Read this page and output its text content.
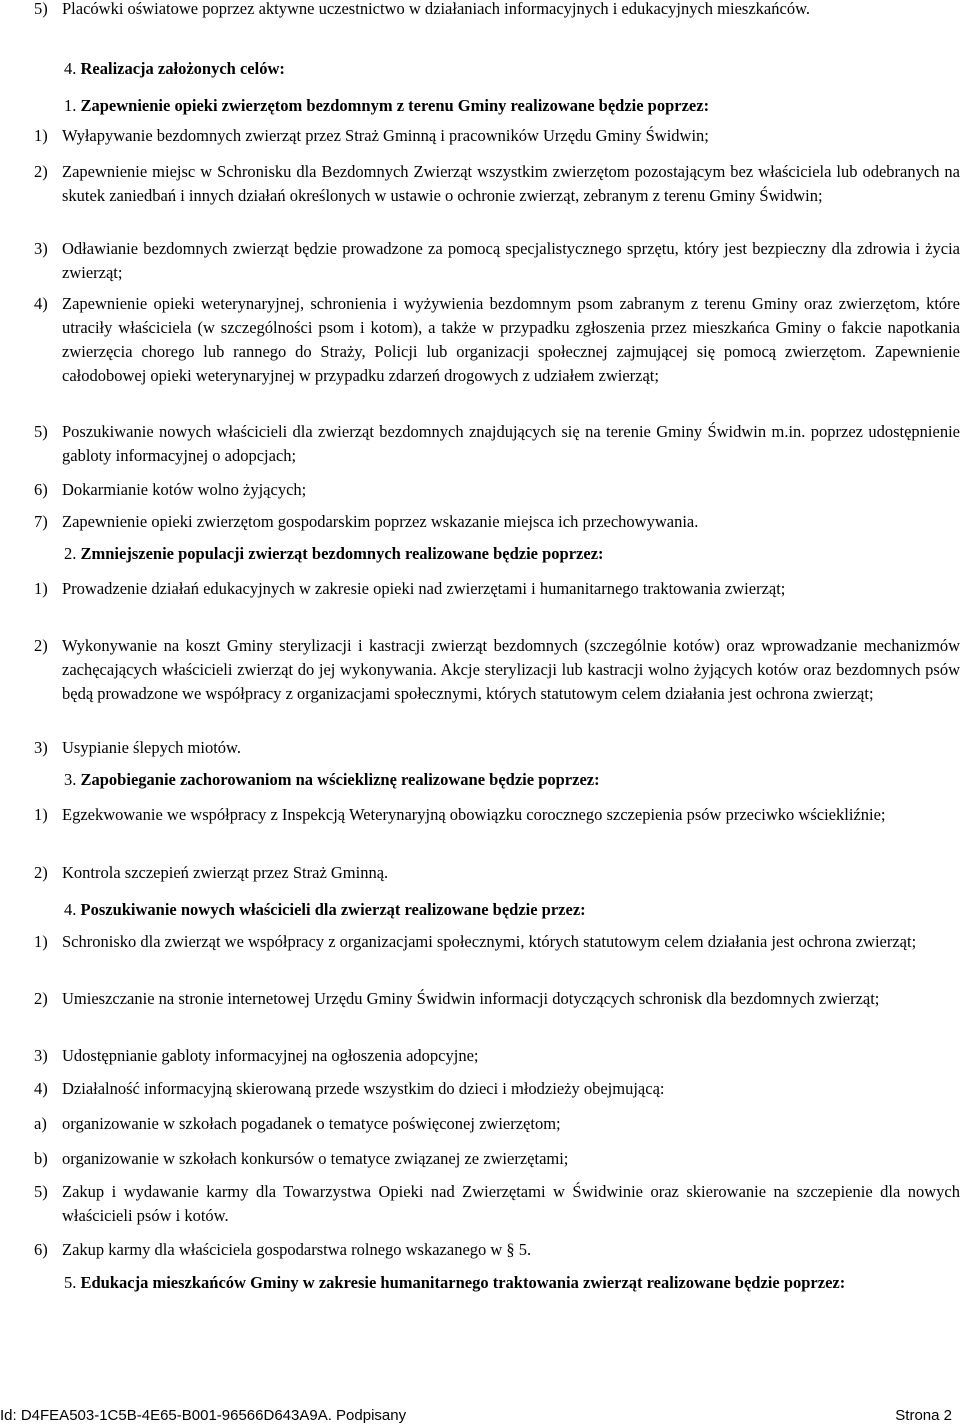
5) Placówki oświatowe poprzez aktywne uczestnictwo w działaniach informacyjnych i edukacyjnych mieszkańców.
4. Realizacja założonych celów:
1. Zapewnienie opieki zwierzętom bezdomnym z terenu Gminy realizowane będzie poprzez:
1) Wyłapywanie bezdomnych zwierząt przez Straż Gminną i pracowników Urzędu Gminy Świdwin;
2) Zapewnienie miejsc w Schronisku dla Bezdomnych Zwierząt wszystkim zwierzętom pozostającym bez właściciela lub odebranych na skutek zaniedbań i innych działań określonych w ustawie o ochronie zwierząt, zebranym z terenu Gminy Świdwin;
3) Odławianie bezdomnych zwierząt będzie prowadzone za pomocą specjalistycznego sprzętu, który jest bezpieczny dla zdrowia i życia zwierząt;
4) Zapewnienie opieki weterynaryjnej, schronienia i wyżywienia bezdomnym psom zabranym z terenu Gminy oraz zwierzętom, które utraciły właściciela (w szczególności psom i kotom), a także w przypadku zgłoszenia przez mieszkańca Gminy o fakcie napotkania zwierzęcia chorego lub rannego do Straży, Policji lub organizacji społecznej zajmującej się pomocą zwierzętom. Zapewnienie całodobowej opieki weterynaryjnej w przypadku zdarzeń drogowych z udziałem zwierząt;
5) Poszukiwanie nowych właścicieli dla zwierząt bezdomnych znajdujących się na terenie Gminy Świdwin m.in. poprzez udostępnienie gabloty informacyjnej o adopcjach;
6) Dokarmianie kotów wolno żyjących;
7) Zapewnienie opieki zwierzętom gospodarskim poprzez wskazanie miejsca ich przechowywania.
2. Zmniejszenie populacji zwierząt bezdomnych realizowane będzie poprzez:
1) Prowadzenie działań edukacyjnych w zakresie opieki nad zwierzętami i humanitarnego traktowania zwierząt;
2) Wykonywanie na koszt Gminy sterylizacji i kastracji zwierząt bezdomnych (szczególnie kotów) oraz wprowadzanie mechanizmów zachęcających właścicieli zwierząt do jej wykonywania. Akcje sterylizacji lub kastracji wolno żyjących kotów oraz bezdomnych psów będą prowadzone we współpracy z organizacjami społecznymi, których statutowym celem działania jest ochrona zwierząt;
3) Usypianie ślepych miotów.
3. Zapobieganie zachorowaniom na wściekliznę realizowane będzie poprzez:
1) Egzekwowanie we współpracy z Inspekcją Weterynaryjną obowiązku corocznego szczepienia psów przeciwko wściekliźnie;
2) Kontrola szczepień zwierząt przez Straż Gminną.
4. Poszukiwanie nowych właścicieli dla zwierząt realizowane będzie przez:
1) Schronisko dla zwierząt we współpracy z organizacjami społecznymi, których statutowym celem działania jest ochrona zwierząt;
2) Umieszczanie na stronie internetowej Urzędu Gminy Świdwin informacji dotyczących schronisk dla bezdomnych zwierząt;
3) Udostępnianie gabloty informacyjnej na ogłoszenia adopcyjne;
4) Działalność informacyjną skierowaną przede wszystkim do dzieci i młodzieży obejmującą:
a) organizowanie w szkołach pogadanek o tematyce poświęconej zwierzętom;
b) organizowanie w szkołach konkursów o tematyce związanej ze zwierzętami;
5) Zakup i wydawanie karmy dla Towarzystwa Opieki nad Zwierzętami w Świdwinie oraz skierowanie na szczepienie dla nowych właścicieli psów i kotów.
6) Zakup karmy dla właściciela gospodarstwa rolnego wskazanego w § 5.
5. Edukacja mieszkańców Gminy w zakresie humanitarnego traktowania zwierząt realizowane będzie poprzez:
Id: D4FEA503-1C5B-4E65-B001-96566D643A9A. Podpisany	Strona 2
